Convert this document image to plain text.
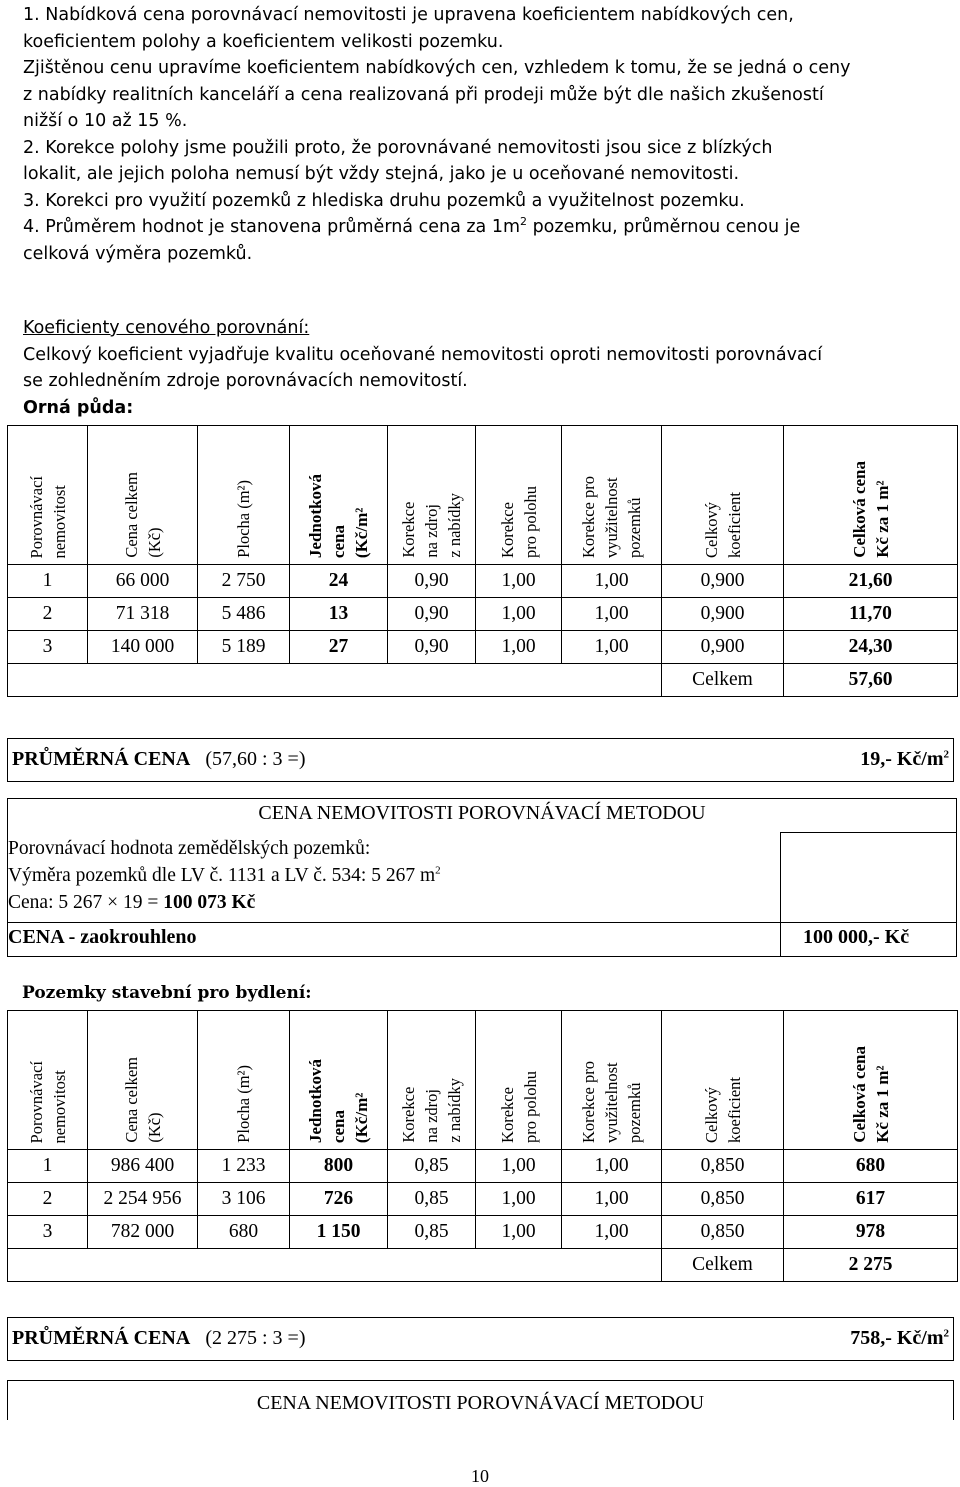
1. Nabídková cena porovnávací nemovitosti je upravena koeficientem nabídkových cen,
koeficientem polohy a koeficientem velikosti pozemku.
Zjištěnou cenu upravíme koeficientem nabídkových cen, vzhledem k tomu, že se jedná o ceny
z nabídky realitních kanceláří a cena realizovaná při prodeji může být dle našich zkušeností
nižší o 10 až 15 %.
2. Korekce polohy jsme použili proto, že porovnávané nemovitosti jsou sice z blízkých
lokalit, ale jejich poloha nemusí být vždy stejná, jako je u oceňované nemovitosti.
3. Korekci pro využití pozemků z hlediska druhu pozemků a využitelnost pozemku.
4. Průměrem hodnot je stanovena průměrná cena za $1m^2$ pozemku, průměrnou cenou je
celková výměra pozemků.
Koeficienty cenového porovnání:
Celkový koeficient vyjadřuje kvalitu oceňované nemovitosti oproti nemovitosti porovnávací
se zohledněním zdroje porovnávacích nemovitostí.
Orná půda:
Porovnávací
nemovitost	Cena celkem
(Kč)	Plocha (m²)	Jednotková
cena
(Kč/m²	Korekce
na zdroj
z nabídky	Korekce
pro polohu	Korekce pro
využitelnost
pozemků	Celkový
koeficient	Celková cena
Kč za 1 m²
1	66 000	2 750	24	0,90	1,00	1,00	0,900	21,60
2	71 318	5 486	13	0,90	1,00	1,00	0,900	11,70
3	140 000	5 189	27	0,90	1,00	1,00	0,900	24,30
							Celkem	57,60
PRŮMĚRNÁ CENA (57,60 : 3 =)	19,- $Kč/m^2$

CENA NEMOVITOSTI POROVNÁVACÍ METODOU
Porovnávací hodnota zemědělských pozemků:
Výměra pozemků dle LV č. 1131 a LV č. 534: 5 267 $m^2$
Cena: 5 267 × 19 = 100 073 Kč
CENA - zaokrouhleno	100 000,- Kč
Pozemky stavební pro bydlení:
Porovnávací
nemovitost	Cena celkem
(Kč)	Plocha (m²)	Jednotková
cena
(Kč/m²	Korekce
na zdroj
z nabídky	Korekce
pro polohu	Korekce pro
využitelnost
pozemků	Celkový
koeficient	Celková cena
Kč za 1 m²
1	986 400	1 233	800	0,85	1,00	1,00	0,850	680
2	2 254 956	3 106	726	0,85	1,00	1,00	0,850	617
3	782 000	680	1 150	0,85	1,00	1,00	0,850	978
							Celkem	2 275
PRŮMĚRNÁ CENA (2 275 : 3 =)	758,- $Kč/m^2$
CENA NEMOVITOSTI POROVNÁVACÍ METODOU
10
